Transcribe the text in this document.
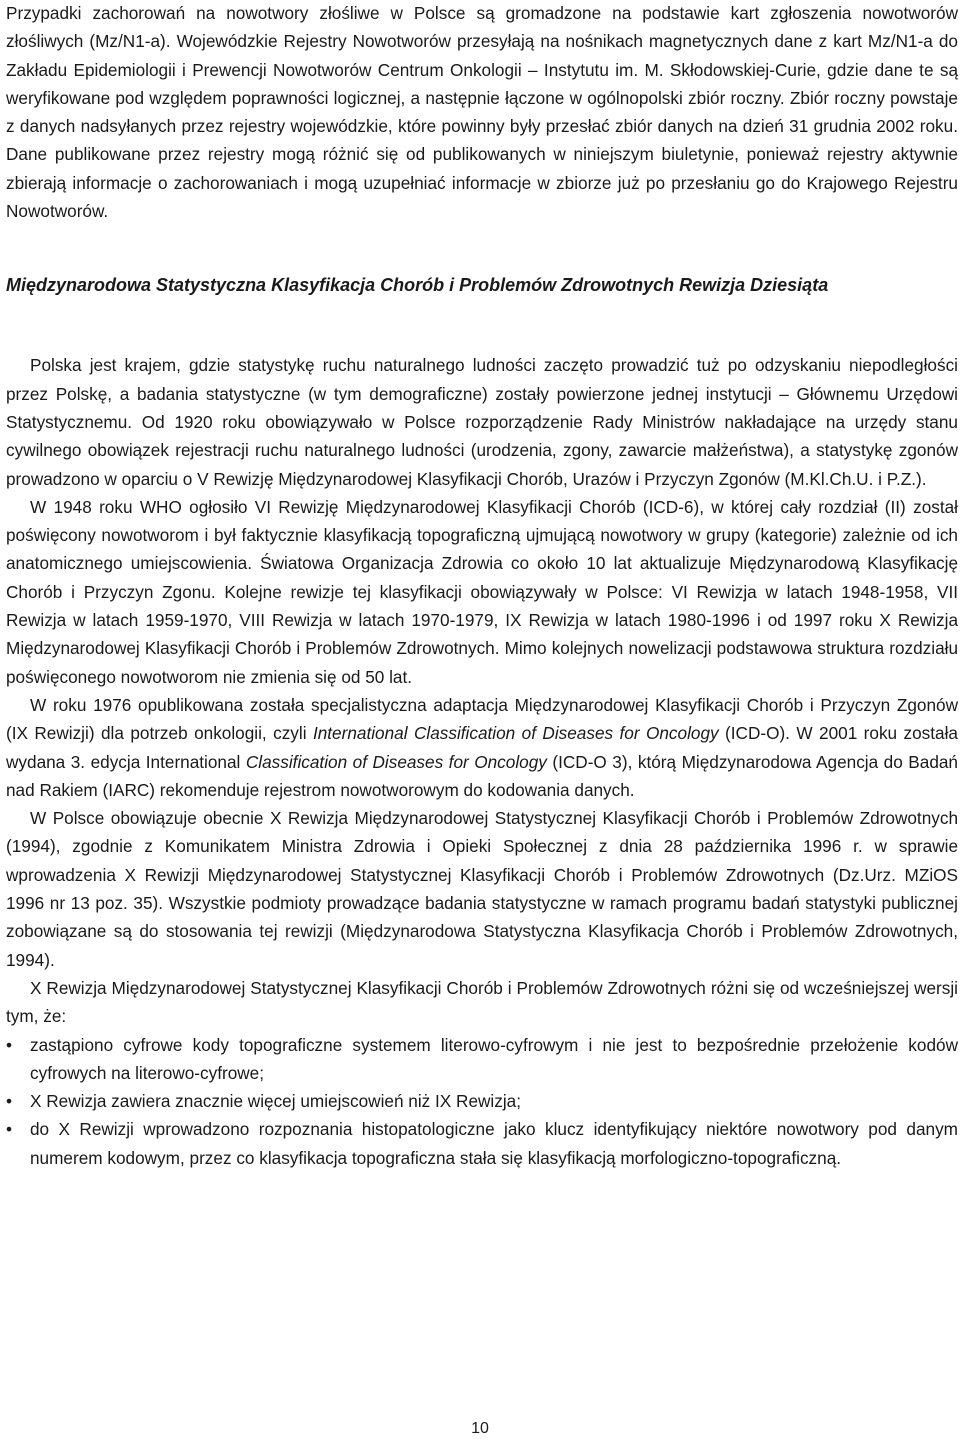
Przypadki zachorowań na nowotwory złośliwe w Polsce są gromadzone na podstawie kart zgłoszenia nowotworów złośliwych (Mz/N1-a). Wojewódzkie Rejestry Nowotworów przesyłają na nośnikach magnetycznych dane z kart Mz/N1-a do Zakładu Epidemiologii i Prewencji Nowotworów Centrum Onkologii – Instytutu im. M. Skłodowskiej-Curie, gdzie dane te są weryfikowane pod względem poprawności logicznej, a następnie łączone w ogólnopolski zbiór roczny. Zbiór roczny powstaje z danych nadsyłanych przez rejestry wojewódzkie, które powinny były przesłać zbiór danych na dzień 31 grudnia 2002 roku. Dane publikowane przez rejestry mogą różnić się od publikowanych w niniejszym biuletynie, ponieważ rejestry aktywnie zbierają informacje o zachorowaniach i mogą uzupełniać informacje w zbiorze już po przesłaniu go do Krajowego Rejestru Nowotworów.

Międzynarodowa Statystyczna Klasyfikacja Chorób i Problemów Zdrowotnych Rewizja Dziesiąta

Polska jest krajem, gdzie statystykę ruchu naturalnego ludności zaczęto prowadzić tuż po odzyskaniu niepodległości przez Polskę, a badania statystyczne (w tym demograficzne) zostały powierzone jednej instytucji – Głównemu Urzędowi Statystycznemu. Od 1920 roku obowiązywało w Polsce rozporządzenie Rady Ministrów nakładające na urzędy stanu cywilnego obowiązek rejestracji ruchu naturalnego ludności (urodzenia, zgony, zawarcie małżeństwa), a statystykę zgonów prowadzono w oparciu o V Rewizję Międzynarodowej Klasyfikacji Chorób, Urazów i Przyczyn Zgonów (M.Kl.Ch.U. i P.Z.).

W 1948 roku WHO ogłosiło VI Rewizję Międzynarodowej Klasyfikacji Chorób (ICD-6), w której cały rozdział (II) został poświęcony nowotworom i był faktycznie klasyfikacją topograficzną ujmującą nowotwory w grupy (kategorie) zależnie od ich anatomicznego umiejscowienia. Światowa Organizacja Zdrowia co około 10 lat aktualizuje Międzynarodową Klasyfikację Chorób i Przyczyn Zgonu. Kolejne rewizje tej klasyfikacji obowiązywały w Polsce: VI Rewizja w latach 1948-1958, VII Rewizja w latach 1959-1970, VIII Rewizja w latach 1970-1979, IX Rewizja w latach 1980-1996 i od 1997 roku X Rewizja Międzynarodowej Klasyfikacji Chorób i Problemów Zdrowotnych. Mimo kolejnych nowelizacji podstawowa struktura rozdziału poświęconego nowotworom nie zmienia się od 50 lat.

W roku 1976 opublikowana została specjalistyczna adaptacja Międzynarodowej Klasyfikacji Chorób i Przyczyn Zgonów (IX Rewizji) dla potrzeb onkologii, czyli International Classification of Diseases for Oncology (ICD-O). W 2001 roku została wydana 3. edycja International Classification of Diseases for Oncology (ICD-O 3), którą Międzynarodowa Agencja do Badań nad Rakiem (IARC) rekomenduje rejestrom nowotworowym do kodowania danych.

W Polsce obowiązuje obecnie X Rewizja Międzynarodowej Statystycznej Klasyfikacji Chorób i Problemów Zdrowotnych (1994), zgodnie z Komunikatem Ministra Zdrowia i Opieki Społecznej z dnia 28 października 1996 r. w sprawie wprowadzenia X Rewizji Międzynarodowej Statystycznej Klasyfikacji Chorób i Problemów Zdrowotnych (Dz.Urz. MZiOS 1996 nr 13 poz. 35). Wszystkie podmioty prowadzące badania statystyczne w ramach programu badań statystyki publicznej zobowiązane są do stosowania tej rewizji (Międzynarodowa Statystyczna Klasyfikacja Chorób i Problemów Zdrowotnych, 1994).

X Rewizja Międzynarodowej Statystycznej Klasyfikacji Chorób i Problemów Zdrowotnych różni się od wcześniejszej wersji tym, że:

• zastąpiono cyfrowe kody topograficzne systemem literowo-cyfrowym i nie jest to bezpośrednie przełożenie kodów cyfrowych na literowo-cyfrowe;
• X Rewizja zawiera znacznie więcej umiejscowień niż IX Rewizja;
• do X Rewizji wprowadzono rozpoznania histopatologiczne jako klucz identyfikujący niektóre nowotwory pod danym numerem kodowym, przez co klasyfikacja topograficzna stała się klasyfikacją morfologiczno-topograficzną.
10
